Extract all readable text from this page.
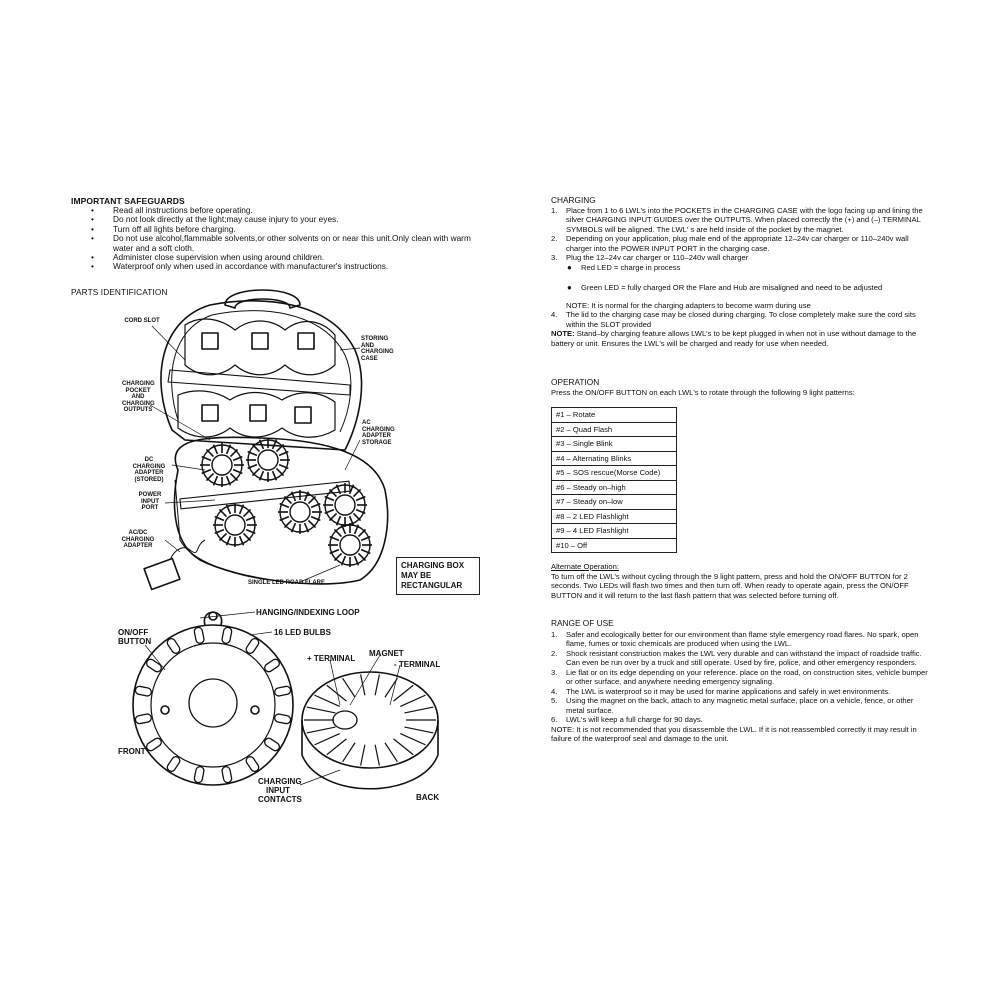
IMPORTANT SAFEGUARDS
• Read all instructions before operating.
• Do not look directly at the light;may cause injury to your eyes.
• Turn off all lights before charging.
• Do not use alcohol,flammable solvents,or other solvents on or near this unit.Only clean with warm water and a soft cloth.
• Administer close supervision when using around children.
• Waterproof only when used in accordance with manufacturer's instructions.
PARTS IDENTIFICATION
CORD SLOT
STORING AND CHARGING CASE
CHARGING POCKET AND CHARGING OUTPUTS
AC CHARGING ADAPTER STORAGE
DC CHARGING ADAPTER (STORED)
POWER INPUT PORT
AC/DC CHARGING ADAPTER
CHARGING BOX MAY BE RECTANGULAR
SINGLE LED ROAD FLARE
HANGING/INDEXING LOOP
ON/OFF BUTTON
16 LED BULBS
+ TERMINAL
MAGNET
- TERMINAL
FRONT
BACK
CHARGING INPUT CONTACTS
CHARGING
1. Place from 1 to 6 LWL's into the POCKETS in the CHARGING CASE with the logo facing up and lining the silver CHARGING INPUT GUIDES over the OUTPUTS. When placed correctly the (+) and (–) TERMINAL SYMBOLS will be aligned. The LWL' s are held inside of the pocket by the magnet.
2. Depending on your application, plug male end of the appropriate 12–24v car charger or 110–240v wall charger into the POWER INPUT PORT in the charging case.
3. Plug the 12–24v car charger or 110–240v wall charger
● Red LED = charge in process
● Green LED = fully charged OR the Flare and Hub are misaligned and need to be adjusted
NOTE: It is normal for the charging adapters to become warm during use
4. The lid to the charging case may be closed during charging. To close completely make sure the cord sits within the SLOT provided
NOTE: Stand–by charging feature allows LWL's to be kept plugged in when not in use without damage to the battery or unit. Ensures the LWL's will be charged and ready for use when needed.
OPERATION
Press the ON/OFF BUTTON on each LWL's to rotate through the following 9 light patterns:
#1 – Rotate
#2 – Quad Flash
#3 – Single Blink
#4 – Alternating Blinks
#5 – SOS rescue(Morse Code)
#6 – Steady on–high
#7 – Steady on–low
#8 – 2 LED Flashlight
#9 – 4 LED Flashlight
#10 – Off
Alternate Operation:
To turn off the LWL's without cycling through the 9 light pattern, press and hold the ON/OFF BUTTON for 2 seconds. Two LEDs will flash two times and then turn off. When ready to operate again, press the ON/OFF BUTTON and it will return to the last flash pattern that was selected before turning off.
RANGE OF USE
1. Safer and ecologically better for our environment than flame style emergency road flares. No spark, open flame, fumes or toxic chemicals are produced when using the LWL.
2. Shock resistant construction makes the LWL very durable and can withstand the impact of roadside traffic. Can even be run over by a truck and still operate. Used by fire, police, and other emergency responders.
3. Lie flat or on its edge depending on your reference. place on the road, on construction sites, vehicle bumper or other surface, and anywhere needing emergency signaling.
4. The LWL is waterproof so it may be used for marine applications and safely in wet environments.
5. Using the magnet on the back, attach to any magnetic metal surface, place on a vehicle, fence, or other metal surface.
6. LWL's will keep a full charge for 90 days.
NOTE: It is not recommended that you disassemble the LWL. If it is not reassembled correctly it may result in failure of the waterproof seal and damage to the unit.
